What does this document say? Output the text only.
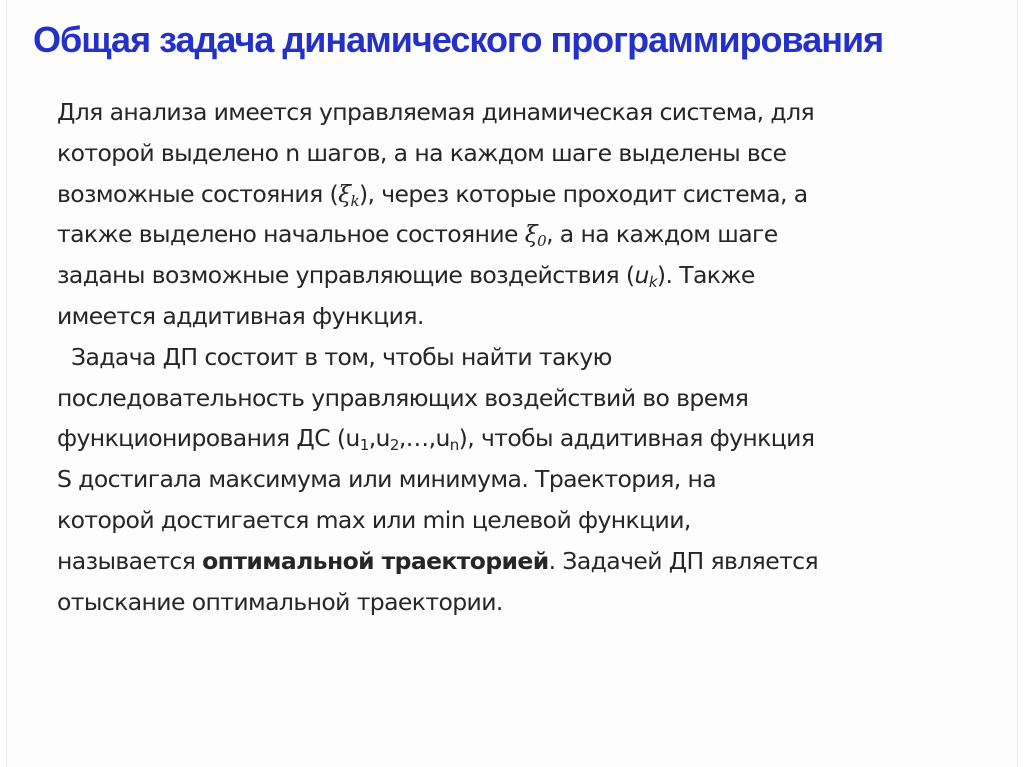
Общая задача динамического программирования
Для анализа имеется управляемая динамическая система, для
которой выделено n шагов, а на каждом шаге выделены все
возможные состояния $(\xi_k)$, через которые проходит система, а
также выделено начальное состояние $\xi_0$, а на каждом шаге
заданы возможные управляющие воздействия $(u_k)$. Также
имеется аддитивная функция.
Задача ДП состоит в том, чтобы найти такую
последовательность управляющих воздействий во время
функционирования ДС $(u_1,u_2,\dots,u_n)$, чтобы аддитивная функция
S достигала максимума или минимума. Траектория, на
которой достигается max или min целевой функции,
называется оптимальной траекторией. Задачей ДП является
отыскание оптимальной траектории.
